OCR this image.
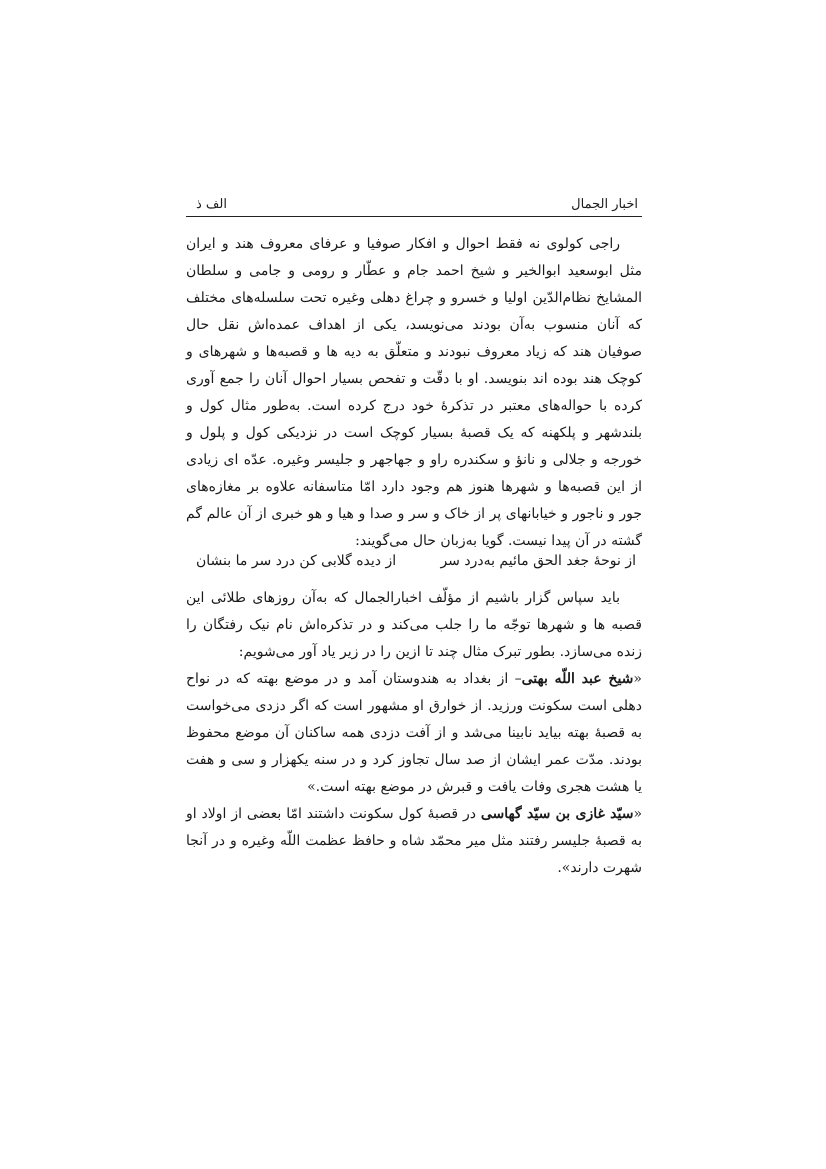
اخبار الجمال
الف ذ

راجی کولوی نه فقط احوال و افکار صوفیا و عرفای معروف هند و ایران مثل ابوسعید ابوالخیر و شیخ احمد جام و عطّار و رومی و جامی و سلطان المشایخ نظام‌الدّین اولیا و خسرو و چراغ دهلی وغیره تحت سلسله‌های مختلف که آنان منسوب به‌آن بودند می‌نویسد، یکی از اهداف عمده‌اش نقل حال صوفیان هند که زیاد معروف نبودند و متعلّق به دیه ها و قصبه‌ها و شهرهای و کوچک هند بوده اند بنویسد. او با دقّت و تفحص بسیار احوال آنان را جمع آوری کرده با حواله‌های معتبر در تذکرهٔ خود درج کرده است. به‌طور مثال کول و بلندشهر و پلکهنه که یک قصبهٔ بسیار کوچک است در نزدیکی کول و پلول و خورجه و جلالی و نانؤ و سکندره راو و جهاجهر و جلیسر وغیره. عدّه ای زیادی از این قصبه‌ها و شهرها هنوز هم وجود دارد امّا متاسفانه علاوه بر مغازه‌های جور و ناجور و خیابانهای پر از خاک و سر و صدا و هیا و هو خبری از آن عالم گم گشته در آن پیدا نیست. گویا به‌زبان حال می‌گویند:

از نوحهٔ جغد الحق مائیم به‌درد سر
از دیده گلابی کن درد سر ما بنشان

باید سپاس گزار باشیم از مؤلّف اخبارالجمال که به‌آن روزهای طلائی این قصبه ها و شهرها توجّه ما را جلب می‌کند و در تذکره‌اش نام نیک رفتگان را زنده می‌سازد. بطور تبرک مثال چند تا ازین را در زیر یاد آور می‌شویم:

«شیخ عبد اللّه بهتی– از بغداد به هندوستان آمد و در موضع بهته که در نواح دهلی است سکونت ورزید. از خوارق او مشهور است که اگر دزدی می‌خواست به قصبهٔ بهته بیاید نابینا می‌شد و از آفت دزدی همه ساکنان آن موضع محفوظ بودند. مدّت عمر ایشان از صد سال تجاوز کرد و در سنه یکهزار و سی و هفت یا هشت هجری وفات یافت و قبرش در موضع بهته است.»

«سیّد غازی بن سیّد گهاسی در قصبهٔ کول سکونت داشتند امّا بعضی از اولاد او به قصبهٔ جلیسر رفتند مثل میر محمّد شاه و حافظ عظمت اللّه وغیره و در آنجا شهرت دارند».
